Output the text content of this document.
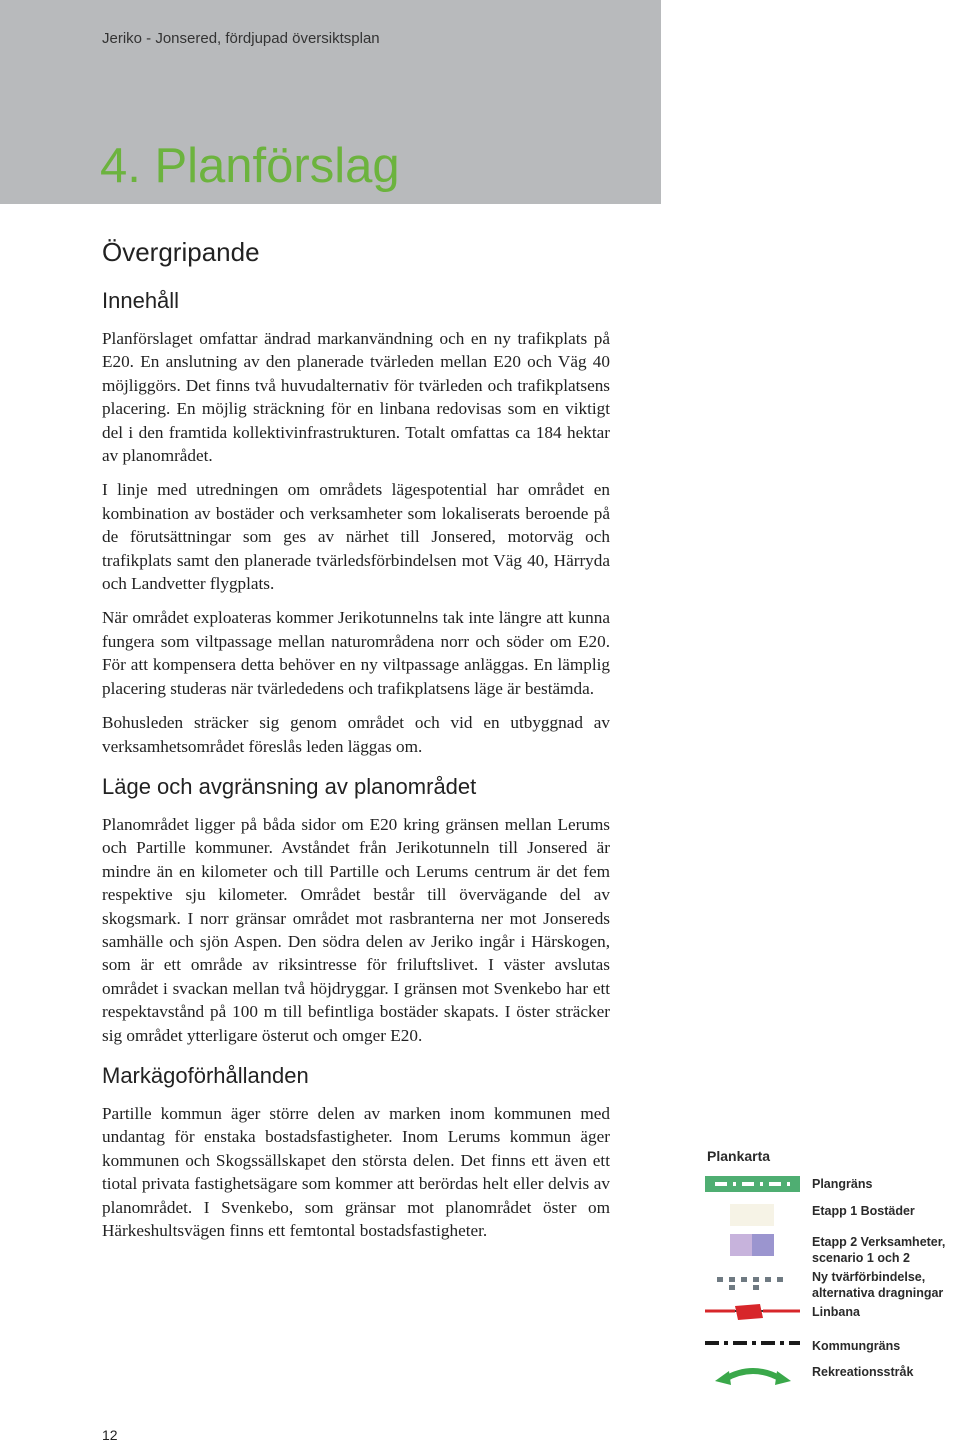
Jeriko - Jonsered, fördjupad översiktsplan
4. Planförslag
Övergripande
Innehåll

Planförslaget omfattar ändrad markanvändning och en ny trafikplats på E20. En anslutning av den planerade tvärleden mellan E20 och Väg 40 möjliggörs. Det finns två huvudalternativ för tvärleden och trafikplatsens placering. En möjlig sträckning för en linbana redovisas som en viktigt del i den framtida kollektivinfrastrukturen. Totalt omfattas ca 184 hektar av planområdet.

I linje med utredningen om områdets lägespotential har området en kombination av bostäder och verksamheter som lokaliserats beroende på de förutsättningar som ges av närhet till Jonsered, motorväg och trafikplats samt den planerade tvärledsförbindelsen mot Väg 40, Härryda och Landvetter flygplats.

När området exploateras kommer Jerikotunnelns tak inte längre att kunna fungera som viltpassage mellan naturområdena norr och söder om E20. För att kompensera detta behöver en ny viltpassage anläggas. En lämplig placering studeras när tvärlededens och trafikplatsens läge är bestämda.

Bohusleden sträcker sig genom området och vid en utbyggnad av verksamhetsområdet föreslås leden läggas om.

Läge och avgränsning av planområdet

Planområdet ligger på båda sidor om E20 kring gränsen mellan Lerums och Partille kommuner. Avståndet från Jerikotunneln till Jonsered är mindre än en kilometer och till Partille och Lerums centrum är det fem respektive sju kilometer. Området består till övervägande del av skogsmark. I norr gränsar området mot rasbranterna ner mot Jonsereds samhälle och sjön Aspen. Den södra delen av Jeriko ingår i Härskogen, som är ett område av riksintresse för friluftslivet. I väster avslutas området i svackan mellan två höjdryggar. I gränsen mot Svenkebo har ett respektavstånd på 100 m till befintliga bostäder skapats. I öster sträcker sig området ytterligare österut och omger E20.

Markägoförhållanden

Partille kommun äger större delen av marken inom kommunen med undantag för enstaka bostadsfastigheter. Inom Lerums kommun äger kommunen och Skogssällskapet den största delen. Det finns ett även ett tiotal privata fastighetsägare som kommer att berördas helt eller delvis av planområdet. I Svenkebo, som gränsar mot planområdet öster om Härkeshultsvägen finns ett femtontal bostadsfastigheter.

Plankarta
Plangräns
Etapp 1 Bostäder
Etapp 2 Verksamheter, scenario 1 och 2
Ny tvärförbindelse, alternativa dragningar
Linbana
Kommungräns
Rekreationsstråk
12
